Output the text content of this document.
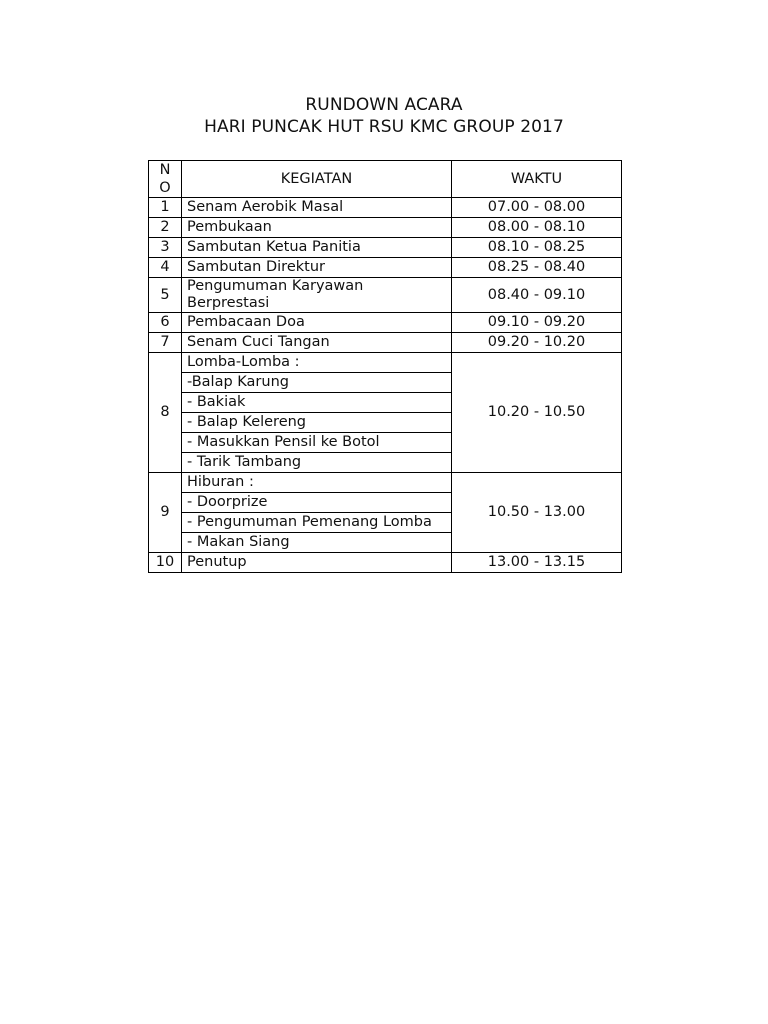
RUNDOWN ACARA
HARI PUNCAK HUT RSU KMC GROUP 2017
NO	KEGIATAN	WAKTU
1	Senam Aerobik Masal	07.00 - 08.00
2	Pembukaan	08.00 - 08.10
3	Sambutan Ketua Panitia	08.10 - 08.25
4	Sambutan Direktur	08.25 - 08.40
5	Pengumuman Karyawan Berprestasi	08.40 - 09.10
6	Pembacaan Doa	09.10 - 09.20
7	Senam Cuci Tangan	09.20 - 10.20
8	Lomba-Lomba :	10.20 - 10.50
	-Balap Karung	
	- Bakiak	
	- Balap Kelereng	
	- Masukkan Pensil ke Botol	
	- Tarik Tambang	
9	Hiburan :	10.50 - 13.00
	- Doorprize	
	- Pengumuman Pemenang Lomba	
	- Makan Siang	
10	Penutup	13.00 - 13.15
